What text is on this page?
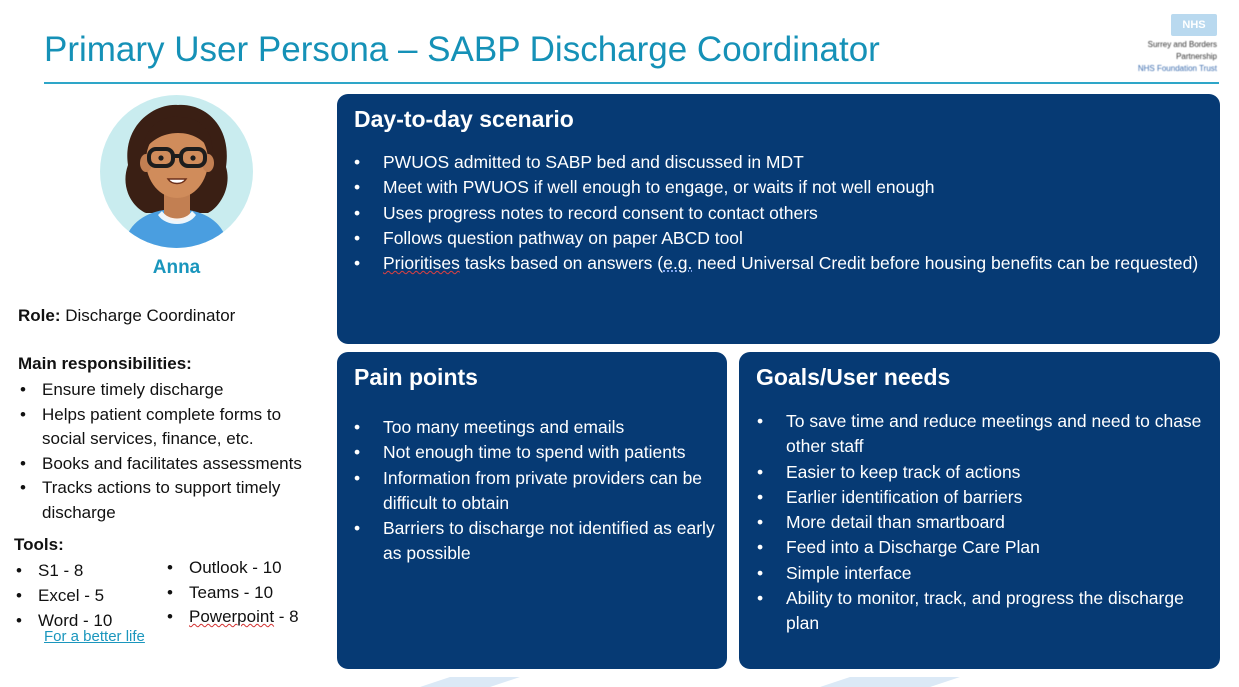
Primary User Persona – SABP Discharge Coordinator
NHS
Surrey and Borders
Partnership
NHS Foundation Trust
Anna
Role: Discharge Coordinator
Main responsibilities:
• Ensure timely discharge
• Helps patient complete forms to social services, finance, etc.
• Books and facilitates assessments
• Tracks actions to support timely discharge
Tools:
• S1 - 8
• Excel - 5
• Word - 10
• Outlook - 10
• Teams - 10
• Powerpoint - 8
For a better life
Day-to-day scenario
• PWUOS admitted to SABP bed and discussed in MDT
• Meet with PWUOS if well enough to engage, or waits if not well enough
• Uses progress notes to record consent to contact others
• Follows question pathway on paper ABCD tool
• Prioritises tasks based on answers (e.g. need Universal Credit before housing benefits can be requested)
Pain points
• Too many meetings and emails
• Not enough time to spend with patients
• Information from private providers can be difficult to obtain
• Barriers to discharge not identified as early as possible
Goals/User needs
• To save time and reduce meetings and need to chase other staff
• Easier to keep track of actions
• Earlier identification of barriers
• More detail than smartboard
• Feed into a Discharge Care Plan
• Simple interface
• Ability to monitor, track, and progress the discharge plan
